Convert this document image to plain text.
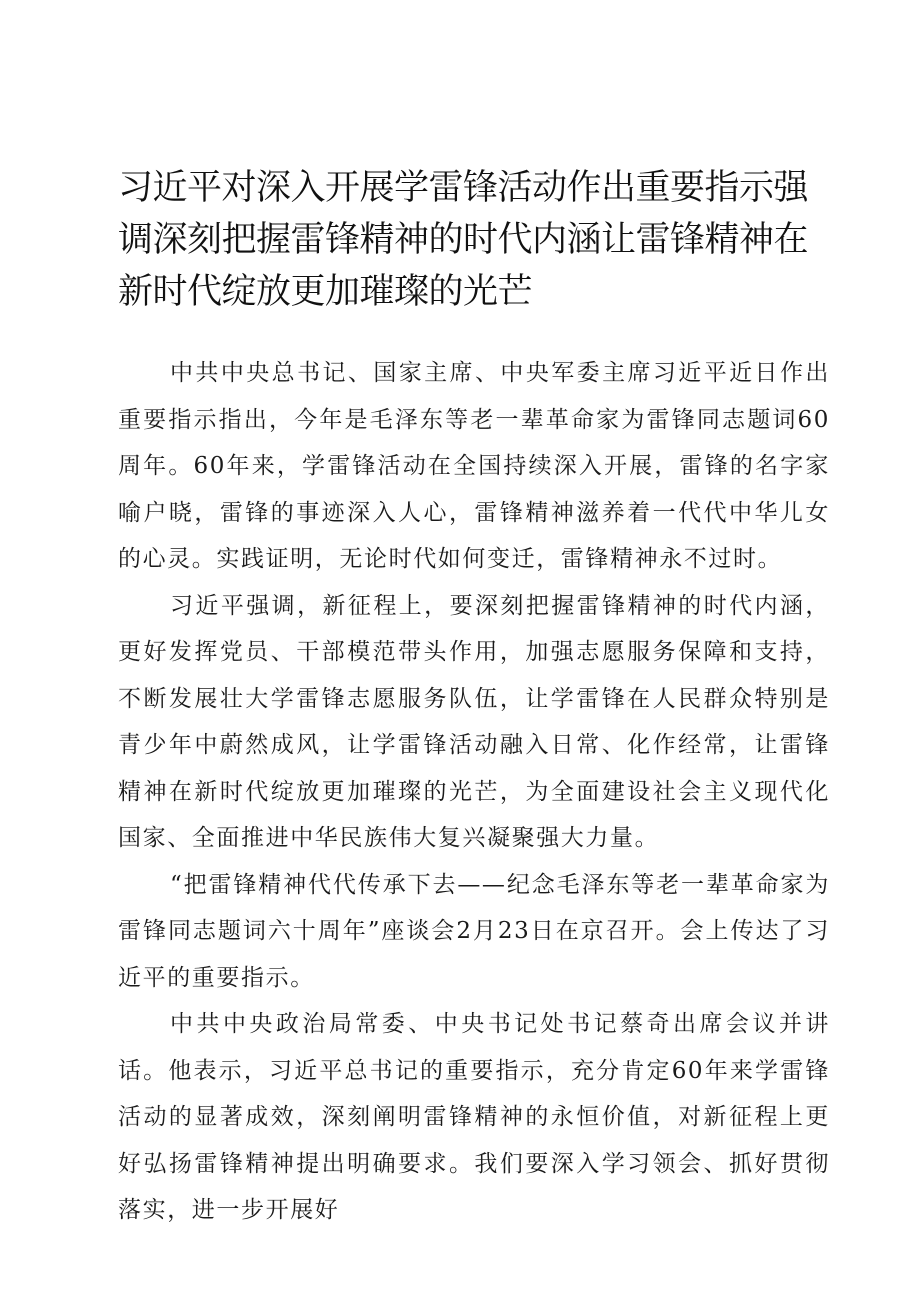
习近平对深入开展学雷锋活动作出重要指示强调深刻把握雷锋精神的时代内涵让雷锋精神在新时代绽放更加璀璨的光芒

中共中央总书记、国家主席、中央军委主席习近平近日作出重要指示指出，今年是毛泽东等老一辈革命家为雷锋同志题词60周年。60年来，学雷锋活动在全国持续深入开展，雷锋的名字家喻户晓，雷锋的事迹深入人心，雷锋精神滋养着一代代中华儿女的心灵。实践证明，无论时代如何变迁，雷锋精神永不过时。

习近平强调，新征程上，要深刻把握雷锋精神的时代内涵，更好发挥党员、干部模范带头作用，加强志愿服务保障和支持，不断发展壮大学雷锋志愿服务队伍，让学雷锋在人民群众特别是青少年中蔚然成风，让学雷锋活动融入日常、化作经常，让雷锋精神在新时代绽放更加璀璨的光芒，为全面建设社会主义现代化国家、全面推进中华民族伟大复兴凝聚强大力量。

“把雷锋精神代代传承下去——纪念毛泽东等老一辈革命家为雷锋同志题词六十周年”座谈会2月23日在京召开。会上传达了习近平的重要指示。

中共中央政治局常委、中央书记处书记蔡奇出席会议并讲话。他表示，习近平总书记的重要指示，充分肯定60年来学雷锋活动的显著成效，深刻阐明雷锋精神的永恒价值，对新征程上更好弘扬雷锋精神提出明确要求。我们要深入学习领会、抓好贯彻落实，进一步开展好
